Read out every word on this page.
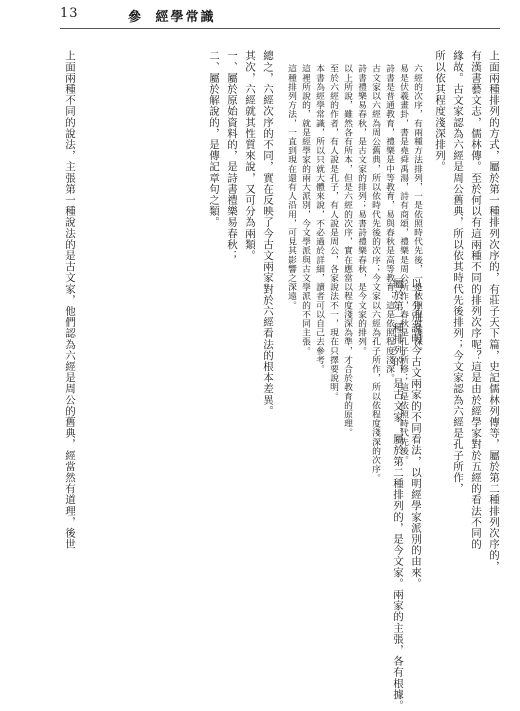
13	參 經學常識
上面兩種排列的方式，屬於第一種排列次序的，有莊子天下篇，史記儒林列傳等，屬於第二種排列次序的，
有漢書藝文志，儒林傳。至於何以有這兩種不同的排列次序呢？這是由於經學家對於五經的看法不同的
緣故。古文家認為六經是周公舊典，所以依其時代先後排列；今文家認為六經是孔子所作，
所以依其程度淺深排列。
六經的次序，有兩種方法排列，一是依照時代先後，一是依照程度淺深。
易是伏羲畫卦，書是堯舜禹湯，詩有商頌，禮樂是周公所作，春秋是孔子所修；這是依照時代先後。
詩書是普通教育，禮樂是中等教育，易與春秋是高等教育；這是依照程度淺深。
古文家以六經為周公舊典，所以依時代先後的次序；今文家以六經為孔子所作，所以依程度淺深的次序。
詩書禮樂易春秋，是古文家的排列；易書詩禮樂春秋，是今文家的排列。
以上所說，雖然各有所本，但是六經的次序，實在應當以程度淺深為準，才合於教育的原理。
至於六經的作者，有人說是孔子，有人說是周公，各家說法不一，現在只擇要說明。
本書為經學常識，所以只就大體來說，不必過於詳細，讀者可以自己去參考。
這裡所說的，就是經學家的兩大派別，今文學派與古文學派的不同主張。
這種排列方法，一直到現在還有人沿用，可見其影響之深遠。
以下分別說明今古文兩家的不同看法，以明經學家派別的由來。
屬於第一種排列的，是古文家；屬於第二種排列的，是今文家。兩家的主張，各有根據。
總之，六經次序的不同，實在反映了今古文兩家對於六經看法的根本差異。
其次，六經就其性質來說，又可分為兩類。
一、屬於原始資料的，是詩書禮樂易春秋；
二、屬於解說的，是傳記章句之類。
上面兩種不同的說法，主張第一種說法的是古文家，他們認為六經是周公的舊典，經當然有道理，後世
